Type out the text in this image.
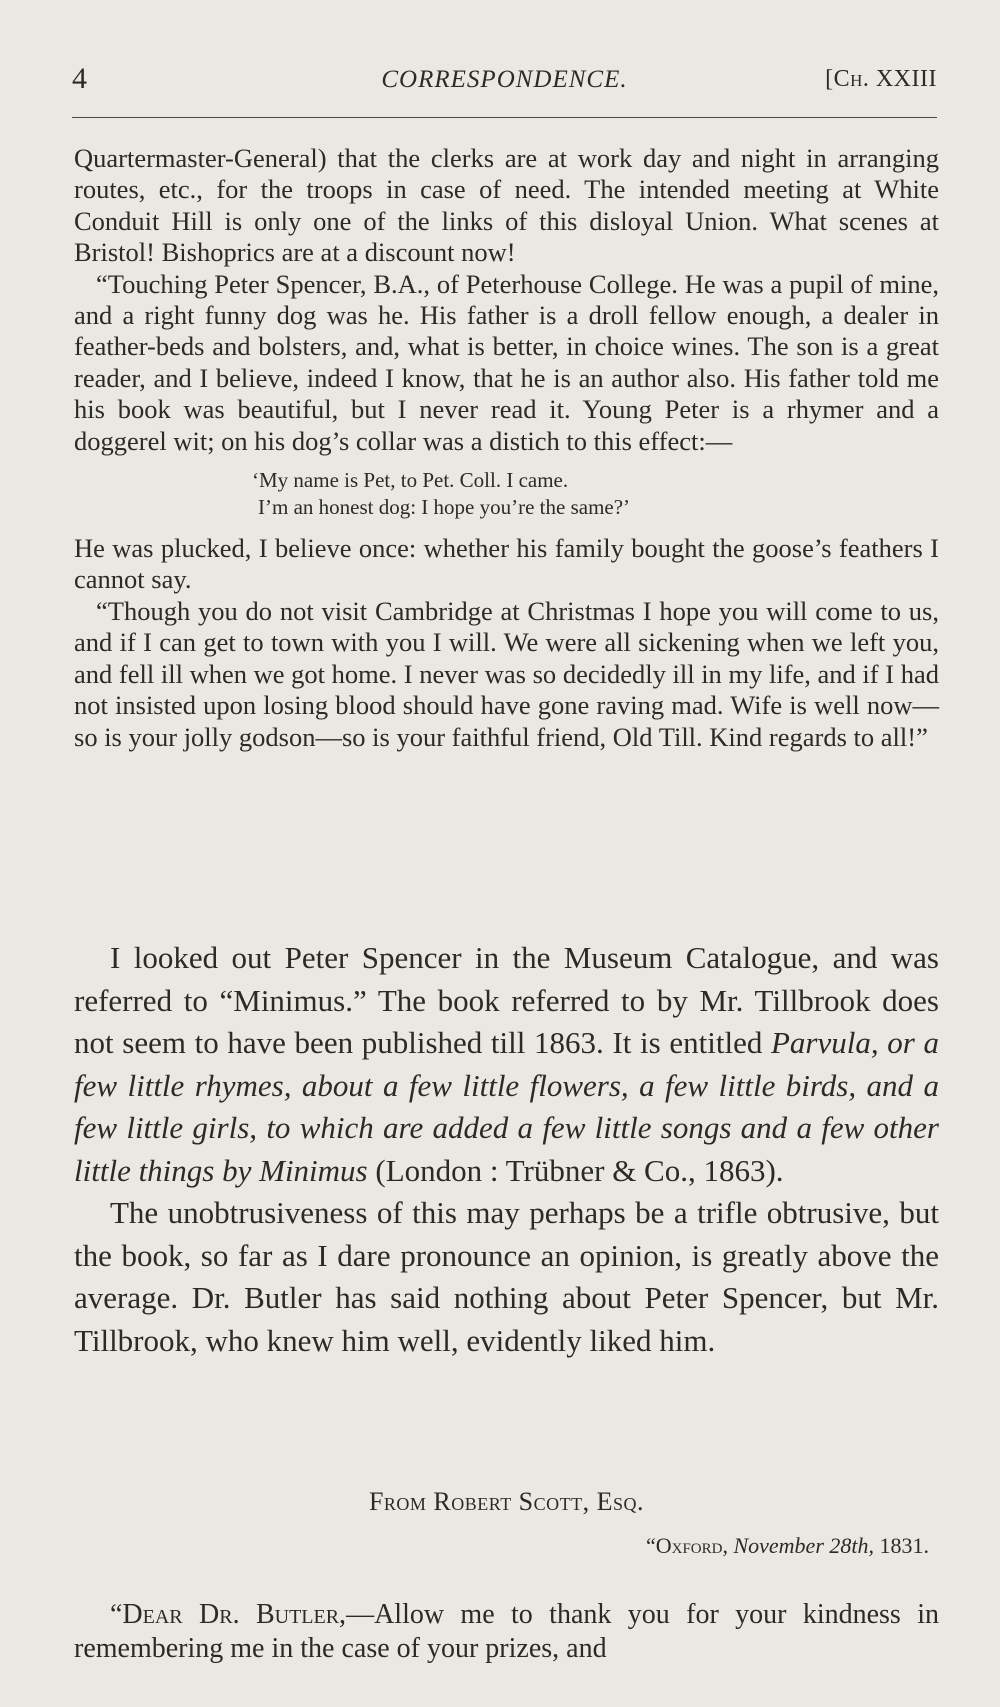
4	CORRESPONDENCE.	[Ch. XXIII

Quartermaster-General) that the clerks are at work day and night in arranging routes, etc., for the troops in case of need. The intended meeting at White Conduit Hill is only one of the links of this disloyal Union. What scenes at Bristol! Bishoprics are at a discount now!

“Touching Peter Spencer, B.A., of Peterhouse College. He was a pupil of mine, and a right funny dog was he. His father is a droll fellow enough, a dealer in feather-beds and bolsters, and, what is better, in choice wines. The son is a great reader, and I believe, indeed I know, that he is an author also. His father told me his book was beautiful, but I never read it. Young Peter is a rhymer and a doggerel wit; on his dog’s collar was a distich to this effect:—

‘My name is Pet, to Pet. Coll. I came.
I’m an honest dog: I hope you’re the same?’

He was plucked, I believe once: whether his family bought the goose’s feathers I cannot say.

“Though you do not visit Cambridge at Christmas I hope you will come to us, and if I can get to town with you I will. We were all sickening when we left you, and fell ill when we got home. I never was so decidedly ill in my life, and if I had not insisted upon losing blood should have gone raving mad. Wife is well now—so is your jolly godson—so is your faithful friend, Old Till. Kind regards to all!”

I looked out Peter Spencer in the Museum Catalogue, and was referred to “Minimus.” The book referred to by Mr. Tillbrook does not seem to have been published till 1863. It is entitled Parvula, or a few little rhymes, about a few little flowers, a few little birds, and a few little girls, to which are added a few little songs and a few other little things by Minimus (London : Trübner & Co., 1863).

The unobtrusiveness of this may perhaps be a trifle obtrusive, but the book, so far as I dare pronounce an opinion, is greatly above the average. Dr. Butler has said nothing about Peter Spencer, but Mr. Tillbrook, who knew him well, evidently liked him.

From Robert Scott, Esq.
“Oxford, November 28th, 1831.

“Dear Dr. Butler,—Allow me to thank you for your kindness in remembering me in the case of your prizes, and
